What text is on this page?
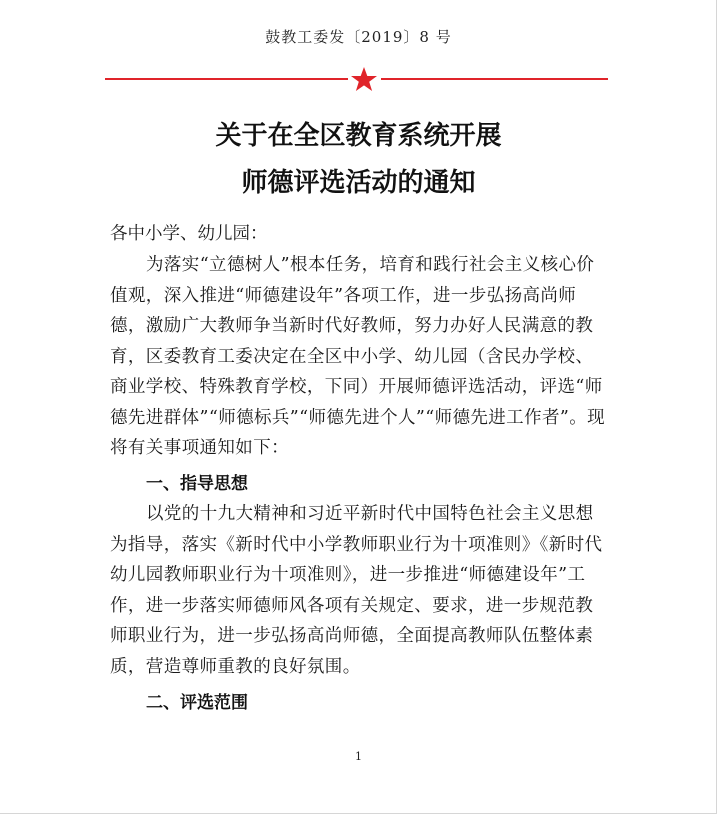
鼓教工委发〔2019〕8 号
关于在全区教育系统开展
师德评选活动的通知
各中小学、幼儿园：
为落实“立德树人”根本任务，培育和践行社会主义核心价值观，深入推进“师德建设年”各项工作，进一步弘扬高尚师德，激励广大教师争当新时代好教师，努力办好人民满意的教育，区委教育工委决定在全区中小学、幼儿园（含民办学校、商业学校、特殊教育学校，下同）开展师德评选活动，评选“师德先进群体”“师德标兵”“师德先进个人”“师德先进工作者”。现将有关事项通知如下：
一、指导思想
以党的十九大精神和习近平新时代中国特色社会主义思想为指导，落实《新时代中小学教师职业行为十项准则》《新时代幼儿园教师职业行为十项准则》，进一步推进“师德建设年”工作，进一步落实师德师风各项有关规定、要求，进一步规范教师职业行为，进一步弘扬高尚师德，全面提高教师队伍整体素质，营造尊师重教的良好氛围。
二、评选范围
1
